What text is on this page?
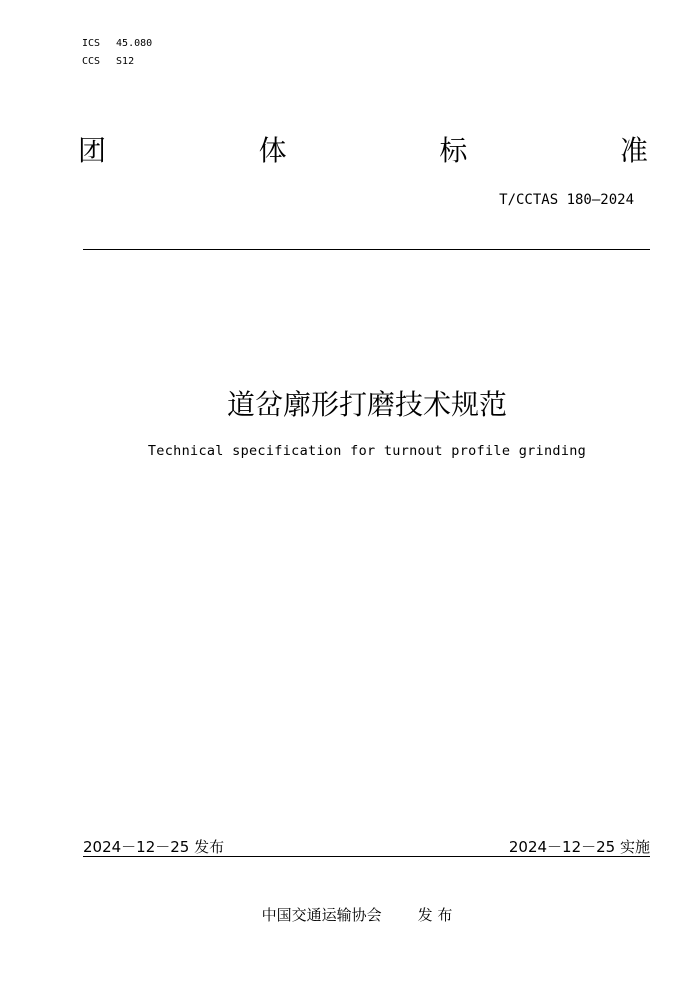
ICS 45.080
CCS S12
团	体	标	准
T/CCTAS 180—2024
道岔廓形打磨技术规范
Technical specification for turnout profile grinding
2024－12－25 发布	2024－12－25 实施
中国交通运输协会 发 布
